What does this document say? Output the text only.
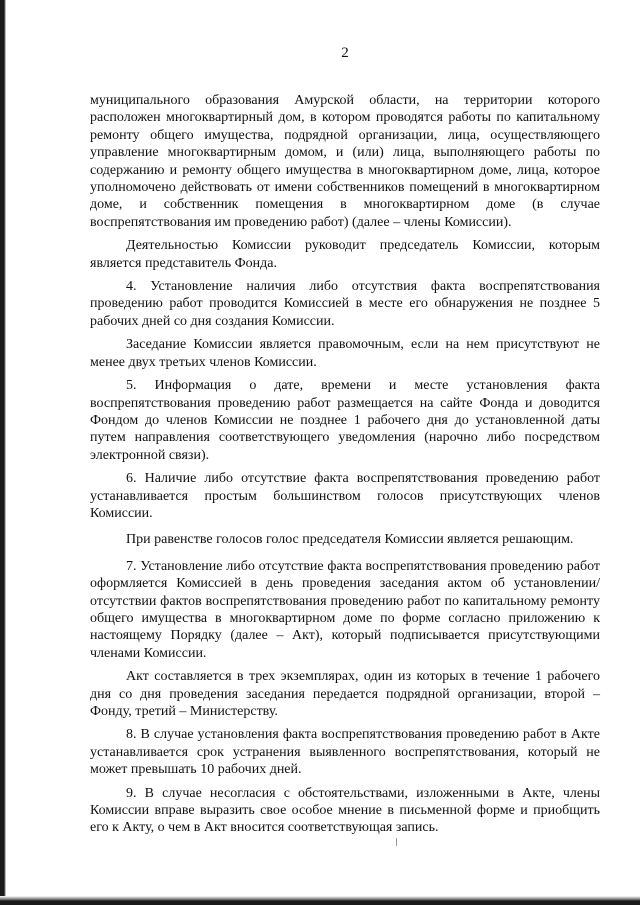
2

муниципального образования Амурской области, на территории которого расположен многоквартирный дом, в котором проводятся работы по капитальному ремонту общего имущества, подрядной организации, лица, осуществляющего управление многоквартирным домом, и (или) лица, выполняющего работы по содержанию и ремонту общего имущества в многоквартирном доме, лица, которое уполномочено действовать от имени собственников помещений в многоквартирном доме, и собственник помещения в многоквартирном доме (в случае воспрепятствования им проведению работ) (далее – члены Комиссии).

Деятельностью Комиссии руководит председатель Комиссии, которым является представитель Фонда.

4. Установление наличия либо отсутствия факта воспрепятствования проведению работ проводится Комиссией в месте его обнаружения не позднее 5 рабочих дней со дня создания Комиссии.

Заседание Комиссии является правомочным, если на нем присутствуют не менее двух третьих членов Комиссии.

5. Информация о дате, времени и месте установления факта воспрепятствования проведению работ размещается на сайте Фонда и доводится Фондом до членов Комиссии не позднее 1 рабочего дня до установленной даты путем направления соответствующего уведомления (нарочно либо посредством электронной связи).

6. Наличие либо отсутствие факта воспрепятствования проведению работ устанавливается простым большинством голосов присутствующих членов Комиссии.

При равенстве голосов голос председателя Комиссии является решающим.

7. Установление либо отсутствие факта воспрепятствования проведению работ оформляется Комиссией в день проведения заседания актом об установлении/отсутствии фактов воспрепятствования проведению работ по капитальному ремонту общего имущества в многоквартирном доме по форме согласно приложению к настоящему Порядку (далее – Акт), который подписывается присутствующими членами Комиссии.

Акт составляется в трех экземплярах, один из которых в течение 1 рабочего дня со дня проведения заседания передается подрядной организации, второй – Фонду, третий – Министерству.

8. В случае установления факта воспрепятствования проведению работ в Акте устанавливается срок устранения выявленного воспрепятствования, который не может превышать 10 рабочих дней.

9. В случае несогласия с обстоятельствами, изложенными в Акте, члены Комиссии вправе выразить свое особое мнение в письменной форме и приобщить его к Акту, о чем в Акт вносится соответствующая запись.
